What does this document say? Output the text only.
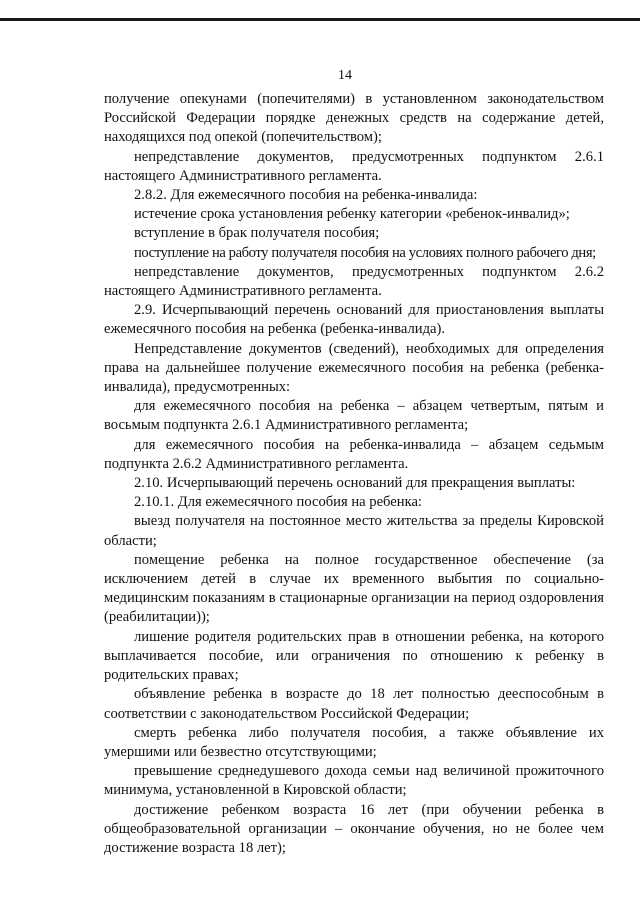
14

получение опекунами (попечителями) в установленном законодательством Российской Федерации порядке денежных средств на содержание детей, находящихся под опекой (попечительством);

непредставление документов, предусмотренных подпунктом 2.6.1 настоящего Административного регламента.

2.8.2. Для ежемесячного пособия на ребенка-инвалида:

истечение срока установления ребенку категории «ребенок-инвалид»;

вступление в брак получателя пособия;

поступление на работу получателя пособия на условиях полного рабочего дня;

непредставление документов, предусмотренных подпунктом 2.6.2 настоящего Административного регламента.

2.9. Исчерпывающий перечень оснований для приостановления выплаты ежемесячного пособия на ребенка (ребенка-инвалида).

Непредставление документов (сведений), необходимых для определения права на дальнейшее получение ежемесячного пособия на ребенка (ребенка-инвалида), предусмотренных:

для ежемесячного пособия на ребенка – абзацем четвертым, пятым и восьмым подпункта 2.6.1 Административного регламента;

для ежемесячного пособия на ребенка-инвалида – абзацем седьмым подпункта 2.6.2 Административного регламента.

2.10. Исчерпывающий перечень оснований для прекращения выплаты:

2.10.1. Для ежемесячного пособия на ребенка:

выезд получателя на постоянное место жительства за пределы Кировской области;

помещение ребенка на полное государственное обеспечение (за исключением детей в случае их временного выбытия по социально-медицинским показаниям в стационарные организации на период оздоровления (реабилитации));

лишение родителя родительских прав в отношении ребенка, на которого выплачивается пособие, или ограничения по отношению к ребенку в родительских правах;

объявление ребенка в возрасте до 18 лет полностью дееспособным в соответствии с законодательством Российской Федерации;

смерть ребенка либо получателя пособия, а также объявление их умершими или безвестно отсутствующими;

превышение среднедушевого дохода семьи над величиной прожиточного минимума, установленной в Кировской области;

достижение ребенком возраста 16 лет (при обучении ребенка в общеобразовательной организации – окончание обучения, но не более чем достижение возраста 18 лет);
